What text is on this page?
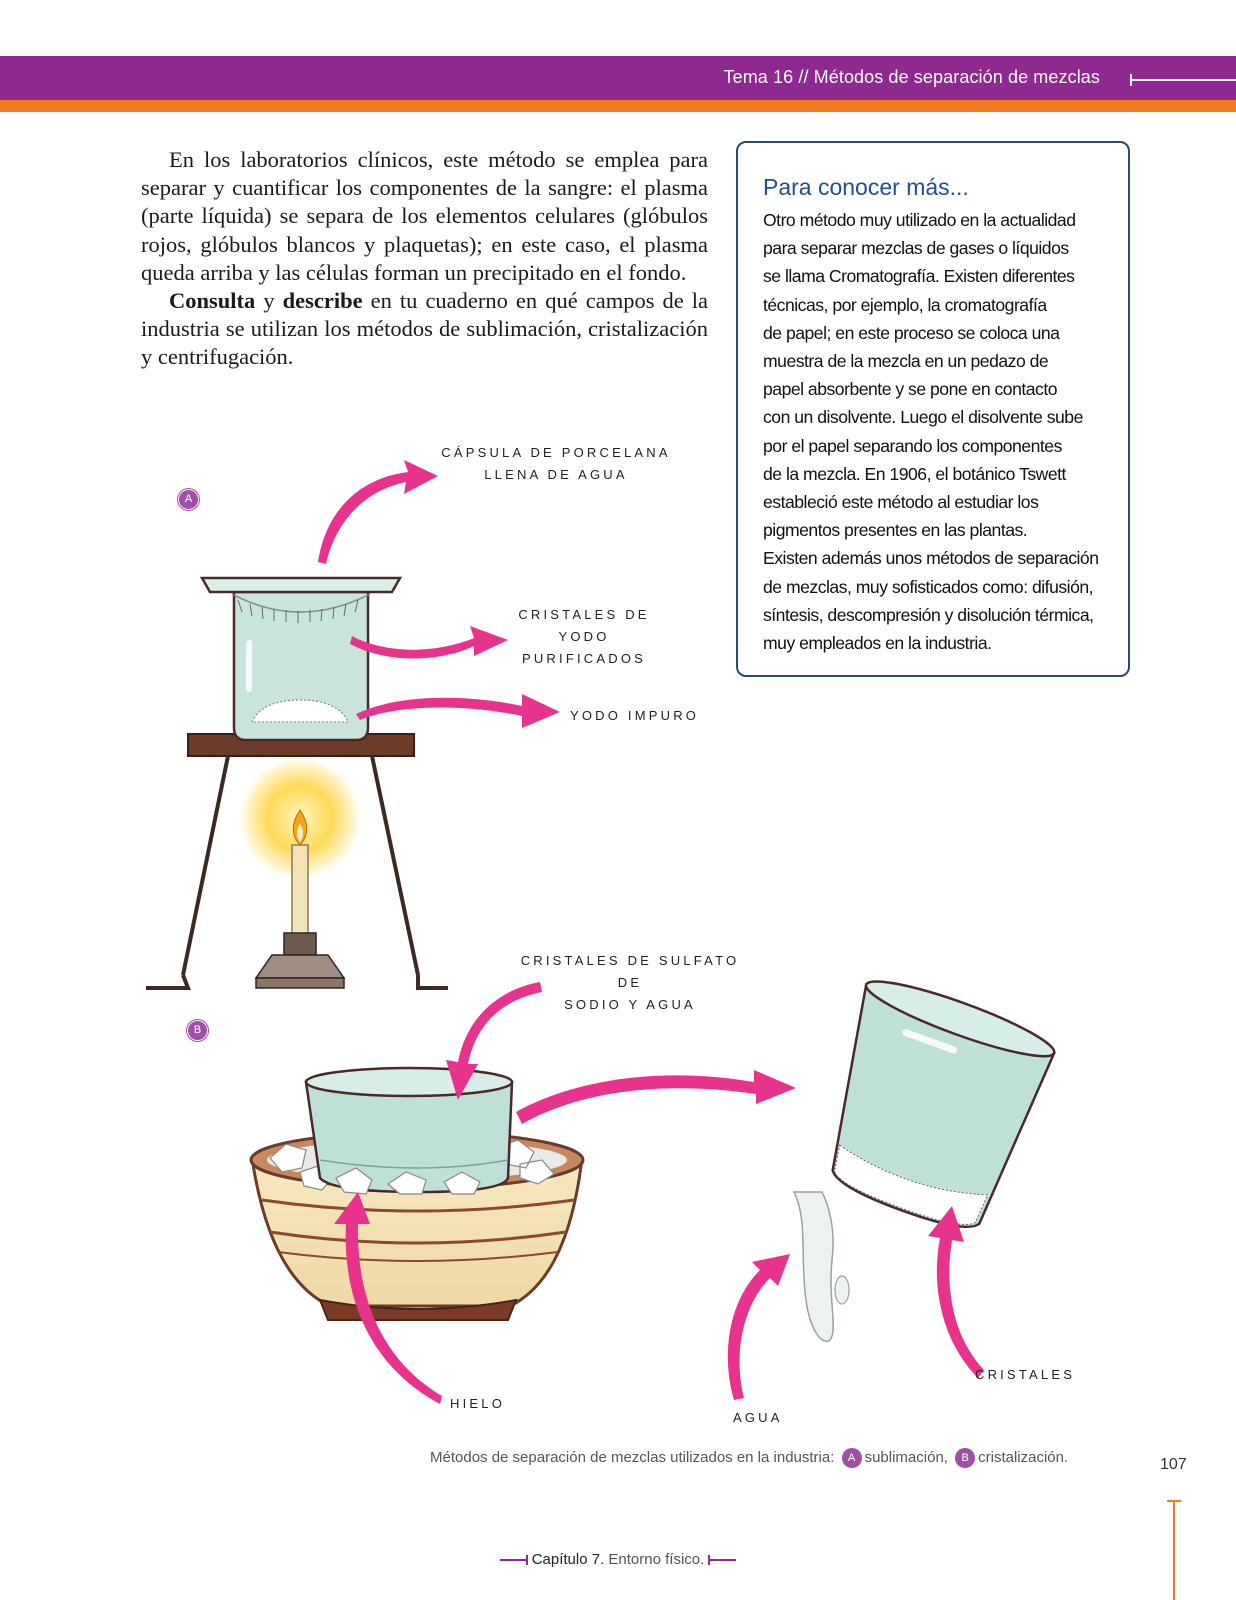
Tema 16 // Métodos de separación de mezclas

En los laboratorios clínicos, este método se emplea para separar y cuantificar los componentes de la sangre: el plasma (parte líquida) se separa de los elementos celulares (glóbulos rojos, glóbulos blancos y plaquetas); en este caso, el plasma queda arriba y las células forman un precipitado en el fondo.

Consulta y describe en tu cuaderno en qué campos de la industria se utilizan los métodos de sublimación, cristalización y centrifugación.

Para conocer más...
Otro método muy utilizado en la actualidad
para separar mezclas de gases o líquidos
se llama Cromatografía. Existen diferentes
técnicas, por ejemplo, la cromatografía
de papel; en este proceso se coloca una
muestra de la mezcla en un pedazo de
papel absorbente y se pone en contacto
con un disolvente. Luego el disolvente sube
por el papel separando los componentes
de la mezcla. En 1906, el botánico Tswett
estableció este método al estudiar los
pigmentos presentes en las plantas.
Existen además unos métodos de separación
de mezclas, muy sofisticados como: difusión,
síntesis, descompresión y disolución térmica,
muy empleados en la industria.
A
CÁPSULA DE PORCELANA
LLENA DE AGUA
CRISTALES DE YODO
PURIFICADOS
YODO IMPURO
B
CRISTALES DE SULFATO DE
SODIO Y AGUA
HIELO
AGUA
CRISTALES
Métodos de separación de mezclas utilizados en la industria: A sublimación, B cristalización.	107
Capítulo 7. Entorno físico.
